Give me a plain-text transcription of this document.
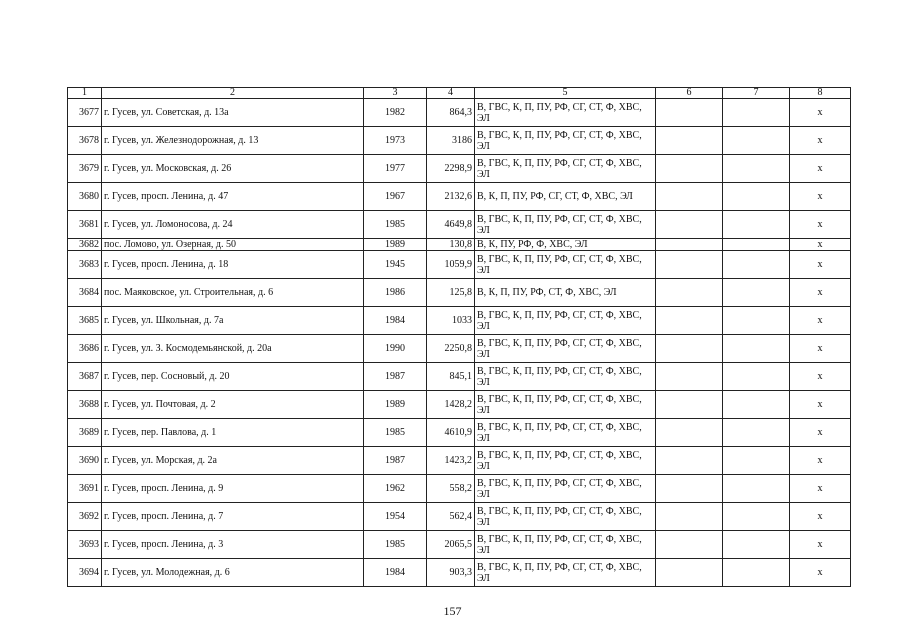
1	2	3	4	5	6	7	8
3677	г. Гусев, ул. Советская, д. 13а	1982	864,3	В, ГВС, К, П, ПУ, РФ, СГ, СТ, Ф, ХВС, ЭЛ			x
3678	г. Гусев, ул. Железнодорожная, д. 13	1973	3186	В, ГВС, К, П, ПУ, РФ, СГ, СТ, Ф, ХВС, ЭЛ			x
3679	г. Гусев, ул. Московская, д. 26	1977	2298,9	В, ГВС, К, П, ПУ, РФ, СГ, СТ, Ф, ХВС, ЭЛ			x
3680	г. Гусев, просп. Ленина, д. 47	1967	2132,6	В, К, П, ПУ, РФ, СГ, СТ, Ф, ХВС, ЭЛ			x
3681	г. Гусев, ул. Ломоносова, д. 24	1985	4649,8	В, ГВС, К, П, ПУ, РФ, СГ, СТ, Ф, ХВС, ЭЛ			x
3682	пос. Ломово, ул. Озерная, д. 50	1989	130,8	В, К, ПУ, РФ, Ф, ХВС, ЭЛ			x
3683	г. Гусев, просп. Ленина, д. 18	1945	1059,9	В, ГВС, К, П, ПУ, РФ, СГ, СТ, Ф, ХВС, ЭЛ			x
3684	пос. Маяковское, ул. Строительная, д. 6	1986	125,8	В, К, П, ПУ, РФ, СТ, Ф, ХВС, ЭЛ			x
3685	г. Гусев, ул. Школьная, д. 7а	1984	1033	В, ГВС, К, П, ПУ, РФ, СГ, СТ, Ф, ХВС, ЭЛ			x
3686	г. Гусев, ул. З. Космодемьянской, д. 20а	1990	2250,8	В, ГВС, К, П, ПУ, РФ, СГ, СТ, Ф, ХВС, ЭЛ			x
3687	г. Гусев, пер. Сосновый, д. 20	1987	845,1	В, ГВС, К, П, ПУ, РФ, СГ, СТ, Ф, ХВС, ЭЛ			x
3688	г. Гусев, ул. Почтовая, д. 2	1989	1428,2	В, ГВС, К, П, ПУ, РФ, СГ, СТ, Ф, ХВС, ЭЛ			x
3689	г. Гусев, пер. Павлова, д. 1	1985	4610,9	В, ГВС, К, П, ПУ, РФ, СГ, СТ, Ф, ХВС, ЭЛ			x
3690	г. Гусев, ул. Морская, д. 2а	1987	1423,2	В, ГВС, К, П, ПУ, РФ, СГ, СТ, Ф, ХВС, ЭЛ			x
3691	г. Гусев, просп. Ленина, д. 9	1962	558,2	В, ГВС, К, П, ПУ, РФ, СГ, СТ, Ф, ХВС, ЭЛ			x
3692	г. Гусев, просп. Ленина, д. 7	1954	562,4	В, ГВС, К, П, ПУ, РФ, СГ, СТ, Ф, ХВС, ЭЛ			x
3693	г. Гусев, просп. Ленина, д. 3	1985	2065,5	В, ГВС, К, П, ПУ, РФ, СГ, СТ, Ф, ХВС, ЭЛ			x
3694	г. Гусев, ул. Молодежная, д. 6	1984	903,3	В, ГВС, К, П, ПУ, РФ, СГ, СТ, Ф, ХВС, ЭЛ			x
157
